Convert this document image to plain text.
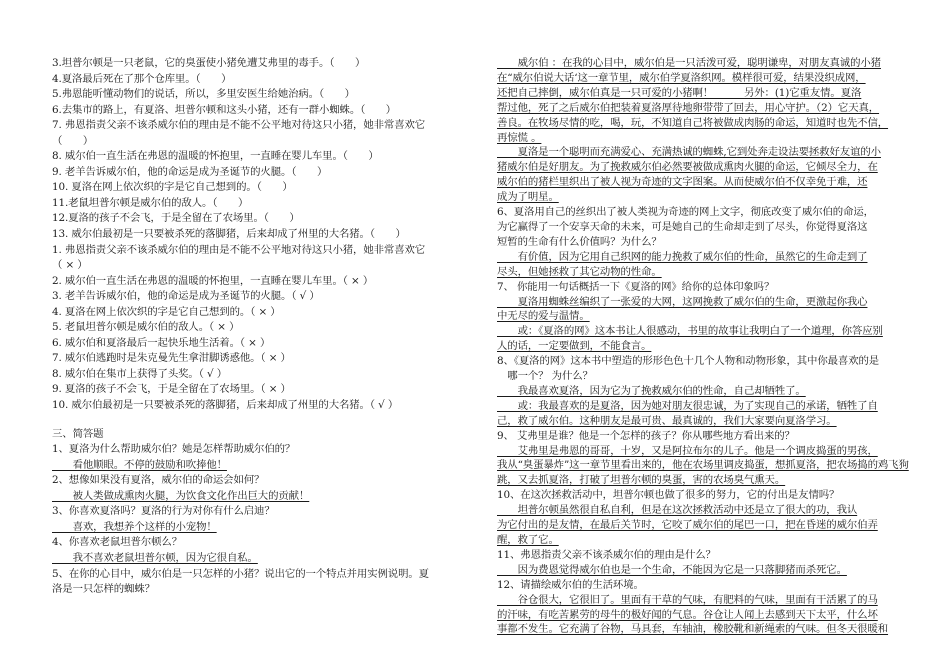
3.坦普尔顿是一只老鼠，它的臭蛋使小猪免遭艾弗里的毒手。（　　）
4.夏洛最后死在了那个仓库里。（　　）
5.弗恩能听懂动物们的说话，所以，多里安医生给她治病。（　　）
6.去集市的路上，有夏洛、坦普尔顿和这头小猪，还有一群小蜘蛛。（　　）
7. 弗恩指责父亲不该杀威尔伯的理由是不能不公平地对待这只小猪，她非常喜欢它
（　　）
8. 威尔伯一直生活在弗恩的温暖的怀抱里，一直睡在婴儿车里。（　　）
9. 老羊告诉威尔伯，他的命运是成为圣诞节的火腿。（　　）
10. 夏洛在网上依次织的字是它自己想到的。（　　）
11.老鼠坦普尔顿是威尔伯的敌人。（　　）
12.夏洛的孩子不会飞，于是全留在了农场里。（　　）
13. 威尔伯最初是一只要被杀死的落脚猪，后来却成了州里的大名猪。（　　）
1. 弗恩指责父亲不该杀威尔伯的理由是不能不公平地对待这只小猪，她非常喜欢它
（ × ）
2. 威尔伯一直生活在弗恩的温暖的怀抱里，一直睡在婴儿车里。（ × ）
3. 老羊告诉威尔伯，他的命运是成为圣诞节的火腿。（ √ ）
4. 夏洛在网上依次织的字是它自己想到的。（ × ）
5. 老鼠坦普尔顿是威尔伯的敌人。（ × ）
6. 威尔伯和夏洛最后一起快乐地生活着。（ × ）
7. 威尔伯逃跑时是朱克曼先生拿泔脚诱惑他。（ × ）
8. 威尔伯在集市上获得了头奖。（ √ ）
9. 夏洛的孩子不会飞，于是全留在了农场里。（ × ）
10. 威尔伯最初是一只要被杀死的落脚猪，后来却成了州里的大名猪。（ √ ）
三、简答题
1、夏洛为什么帮助威尔伯？她是怎样帮助威尔伯的？
　　看他顺眼。不停的鼓励和吹捧他！
2、想像如果没有夏洛，威尔伯的命运会如何？
　　被人类做成熏肉火腿，为饮食文化作出巨大的贡献！
3、你喜欢夏洛吗？夏洛的行为对你有什么启迪？
　　喜欢，我想养个这样的小宠物！
4、你喜欢老鼠坦普尔顿么？
　　我不喜欢老鼠坦普尔顿，因为它很自私。
5、在你的心目中，威尔伯是一只怎样的小猪？说出它的一个特点并用实例说明。夏
洛是一只怎样的蜘蛛？
　　威尔伯 ：在我的心目中，威尔伯是一只活泼可爱，聪明谦卑，对朋友真诚的小猪
在“威尔伯说大话‘这一章节里，威尔伯学夏洛织网。模样很可爱，结果没织成网，
还把自己摔倒，威尔伯真是一只可爱的小猪啊！　　　另外：(1)它重友情。夏洛
帮过他，死了之后威尔伯把装着夏洛厚待地卵带带了回去，用心守护。（2）它天真，
善良。在牧场尽情的吃，喝，玩，不知道自己将被做成肉肠的命运，知道时也先不信，
再惊慌 。
　　夏洛是一个聪明而充满爱心、充满热诚的蜘蛛,它到处奔走设法要拯救好友谊的小
猪威尔伯是好朋友。为了挽救威尔伯必然要被做成熏肉火腿的命运，它倾尽全力，在
威尔伯的猪栏里织出了被人视为奇迹的文字图案。从而使威尔伯不仅幸免于难，还
成为了明星。
6、夏洛用自己的丝织出了被人类视为奇迹的网上文字，彻底改变了威尔伯的命运，
为它赢得了一个安享天命的未来，可是她自己的生命却走到了尽头，你觉得夏洛这
短暂的生命有什么价值吗？为什么？
　　有价值，因为它用自己织网的能力挽救了威尔伯的性命，虽然它的生命走到了
尽头，但她拯救了其它动物的性命。
7、 你能用一句话概括一下《夏洛的网》给你的总体印象吗？
　　夏洛用蜘蛛丝编织了一张爱的大网，这网挽救了威尔伯的生命，更激起你我心
中无尽的爱与温情。
　　或：《夏洛的网》这本书让人很感动，书里的故事让我明白了一个道理，你答应别
人的话，一定要做到，不能食言。
8、《夏洛的网》这本书中塑造的形形色色十几个人物和动物形象，其中你最喜欢的是
　哪一个？ 为什么？
　　我最喜欢夏洛，因为它为了挽救威尔伯的性命，自己却牺牲了。
　　或：我最喜欢的是夏洛，因为她对朋友很忠诚，为了实现自己的承诺，牺牲了自
己，救了威尔伯。这种朋友是最可贵、最真诚的，我们大家要向夏洛学习。
9、 艾弗里是谁？他是一个怎样的孩子？你从哪些地方看出来的？
　　艾弗里是弗恩的哥哥，十岁，又是阿拉布尔的儿子。他是一个调皮捣蛋的男孩，
我从“臭蛋暴炸”这一章节里看出来的，他在农场里调皮捣蛋，想抓夏洛，把农场捣的鸡飞狗
跳，又去抓夏洛，打破了坦普尔顿的臭蛋，害的农场臭气熏天。
10、在这次拯救活动中，坦普尔顿也做了很多的努力，它的付出是友情吗？
　　坦普尔顿虽然很自私自利，但是在这次拯救活动中还是立了很大的功，我认
为它付出的是友情，在最后关节时，它咬了威尔伯的尾巴一口，把在昏迷的威尔伯弄
醒，救了它。
11、弗恩指责父亲不该杀威尔伯的理由是什么？
　　因为费恩觉得威尔伯也是一个生命，不能因为它是一只落脚猪而杀死它。
12、请描绘威尔伯的生活环境。
　　谷仓很大，它很旧了。里面有干草的气味，有肥料的气味，里面有干活累了的马
的汗味，有吃苦累劳的母牛的极好闻的气息。谷仓让人闻上去感到天下太平，什么坏
事都不发生。它充满了谷物，马具套，车轴油，橡胶靴和新绳索的气味。但冬天很暖和
